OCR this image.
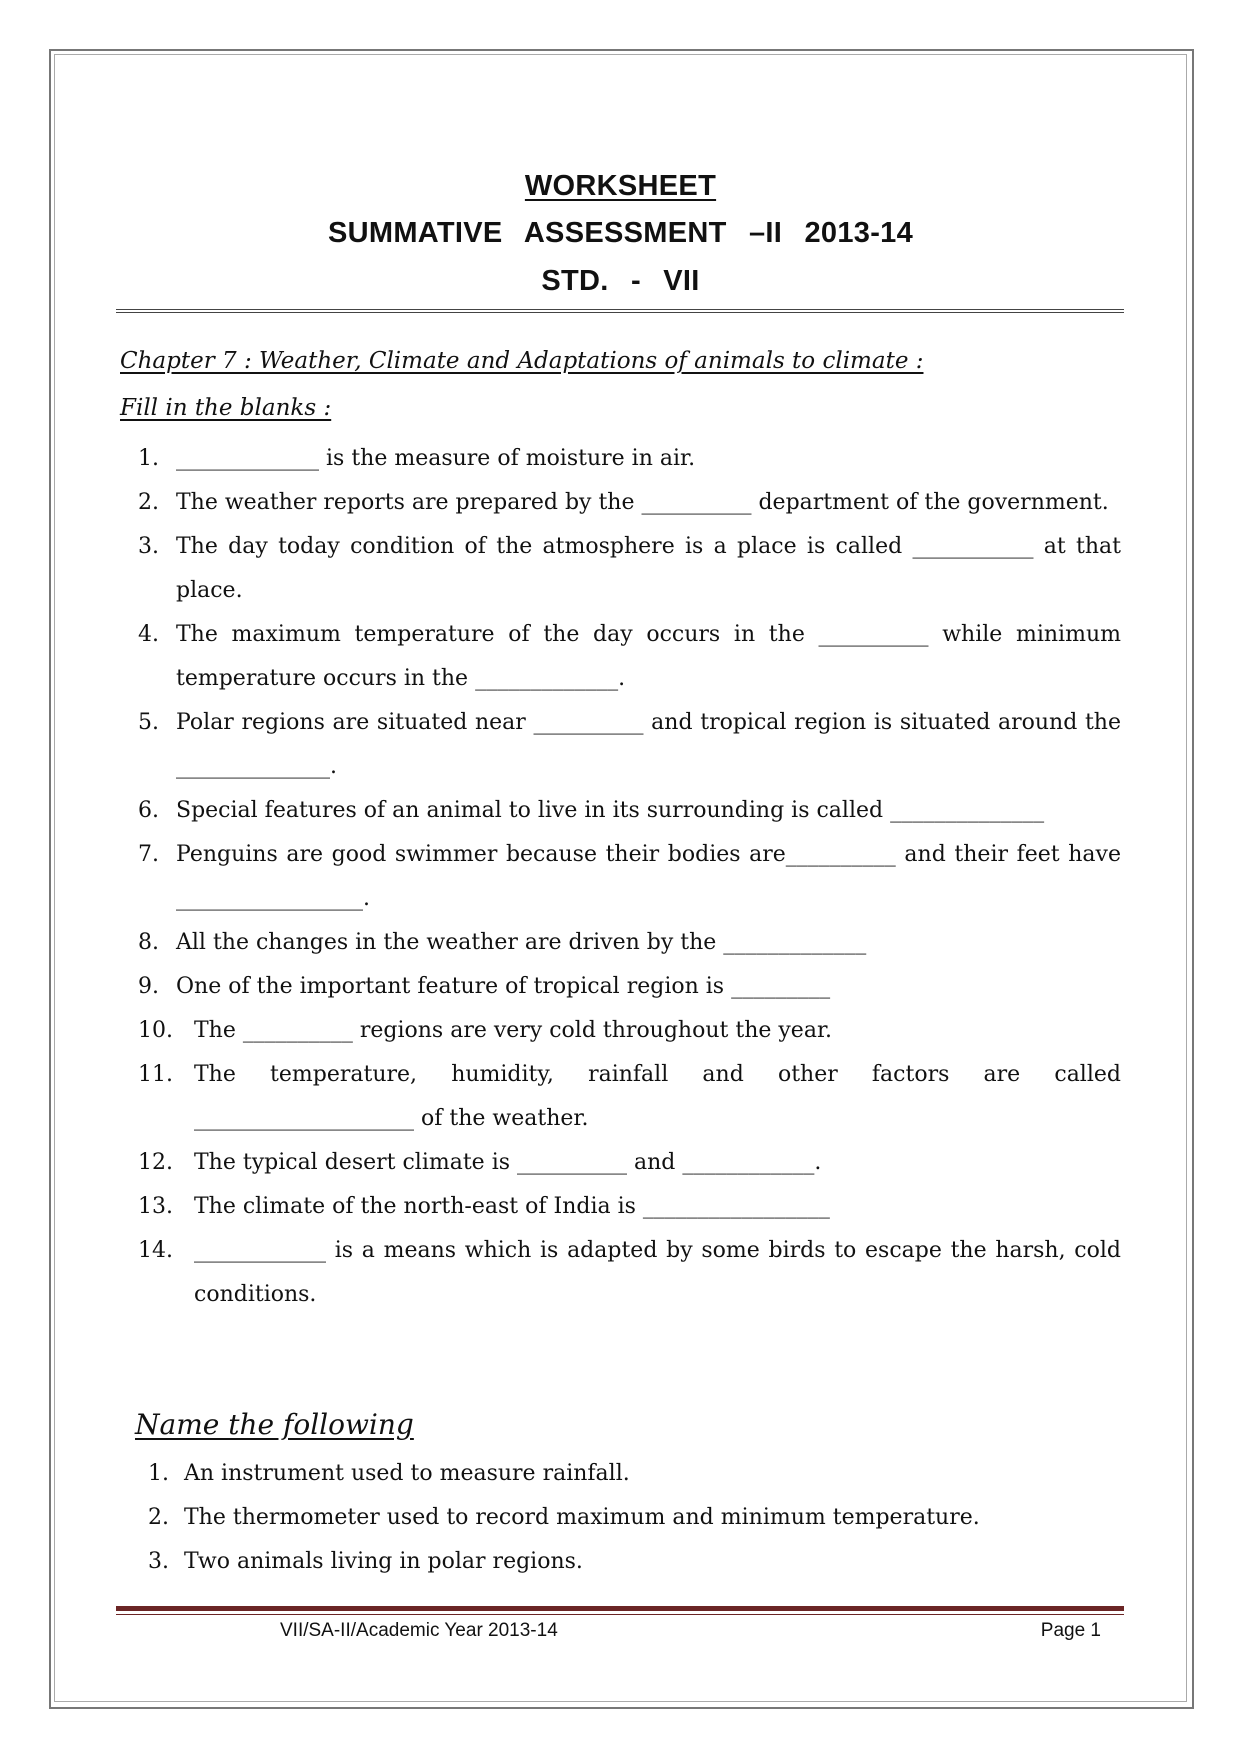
WORKSHEET
SUMMATIVE ASSESSMENT –II 2013-14
STD. - VII
Chapter 7 : Weather, Climate and Adaptations of animals to climate :
Fill in the blanks :
1. _____________ is the measure of moisture in air.
2. The weather reports are prepared by the __________ department of the government.
3. The day today condition of the atmosphere is a place is called ___________ at that place.
4. The maximum temperature of the day occurs in the __________ while minimum temperature occurs in the _____________.
5. Polar regions are situated near __________ and tropical region is situated around the ______________.
6. Special features of an animal to live in its surrounding is called ______________
7. Penguins are good swimmer because their bodies are__________ and their feet have _________________.
8. All the changes in the weather are driven by the _____________
9. One of the important feature of tropical region is _________
10. The __________ regions are very cold throughout the year.
11. The temperature, humidity, rainfall and other factors are called ____________________ of the weather.
12. The typical desert climate is __________ and ____________.
13. The climate of the north-east of India is _________________
14. ____________ is a means which is adapted by some birds to escape the harsh, cold conditions.
Name the following
1. An instrument used to measure rainfall.
2. The thermometer used to record maximum and minimum temperature.
3. Two animals living in polar regions.
VII/SA-II/Academic Year 2013-14	Page 1
